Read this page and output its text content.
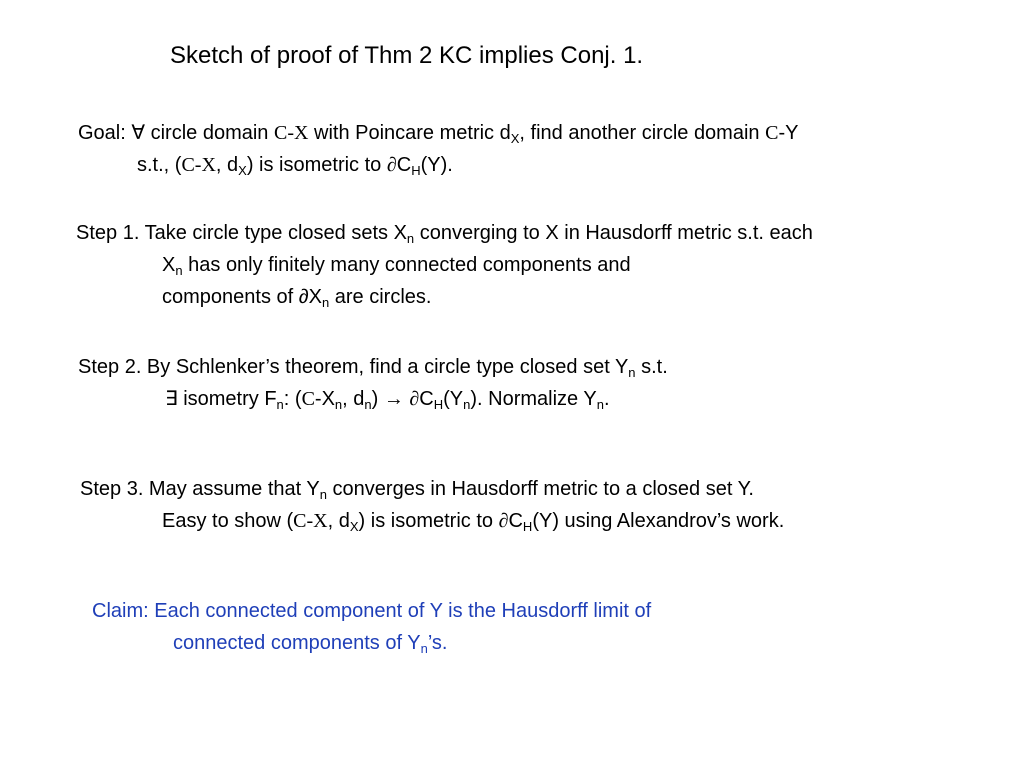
Sketch of proof of Thm 2 KC implies Conj. 1.
Goal: ∀ circle domain C-X with Poincare metric $d_X$, find another circle domain C-Y
s.t., (C-X, $d_X$) is isometric to $\partial C_H(Y)$.
Step 1. Take circle type closed sets $X_n$ converging to X in Hausdorff metric s.t. each
$X_n$ has only finitely many connected components and
components of $\partial X_n$ are circles.
Step 2. By Schlenker’s theorem, find a circle type closed set $Y_n$ s.t.
∃ isometry $F_n$: ($C-X_n$, $d_n) \to \partial C_H(Y_n)$. Normalize $Y_n$.
Step 3. May assume that $Y_n$ converges in Hausdorff metric to a closed set Y.
Easy to show (C-X, $d_X$) is isometric to $\partial C_H(Y)$ using Alexandrov’s work.
Claim: Each connected component of Y is the Hausdorff limit of
connected components of $Y_n’s$.
